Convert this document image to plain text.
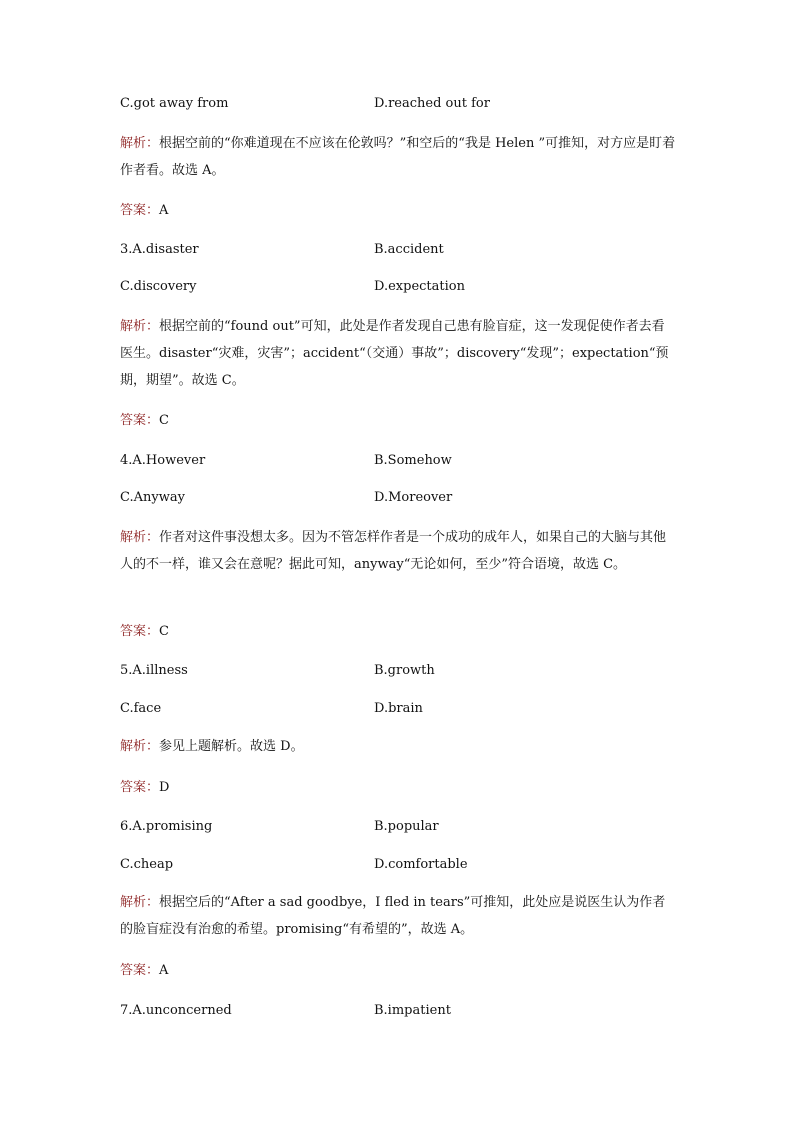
C.got away from	D.reached out for
解析：根据空前的“你难道现在不应该在伦敦吗？”和空后的“我是 Helen ”可推知，对方应是盯着作者看。故选 A。
答案：A
3.A.disaster	B.accident
C.discovery	D.expectation
解析：根据空前的“found out”可知，此处是作者发现自己患有脸盲症，这一发现促使作者去看医生。disaster“灾难，灾害”；accident“（交通）事故”；discovery“发现”；expectation“预期，期望”。故选 C。
答案：C
4.A.However	B.Somehow
C.Anyway	D.Moreover
解析：作者对这件事没想太多。因为不管怎样作者是一个成功的成年人，如果自己的大脑与其他人的不一样，谁又会在意呢？据此可知，anyway“无论如何，至少”符合语境，故选 C。
答案：C
5.A.illness	B.growth
C.face	D.brain
解析：参见上题解析。故选 D。
答案：D
6.A.promising	B.popular
C.cheap	D.comfortable
解析：根据空后的“After a sad goodbye，I fled in tears”可推知，此处应是说医生认为作者的脸盲症没有治愈的希望。promising“有希望的”，故选 A。
答案：A
7.A.unconcerned	B.impatient
